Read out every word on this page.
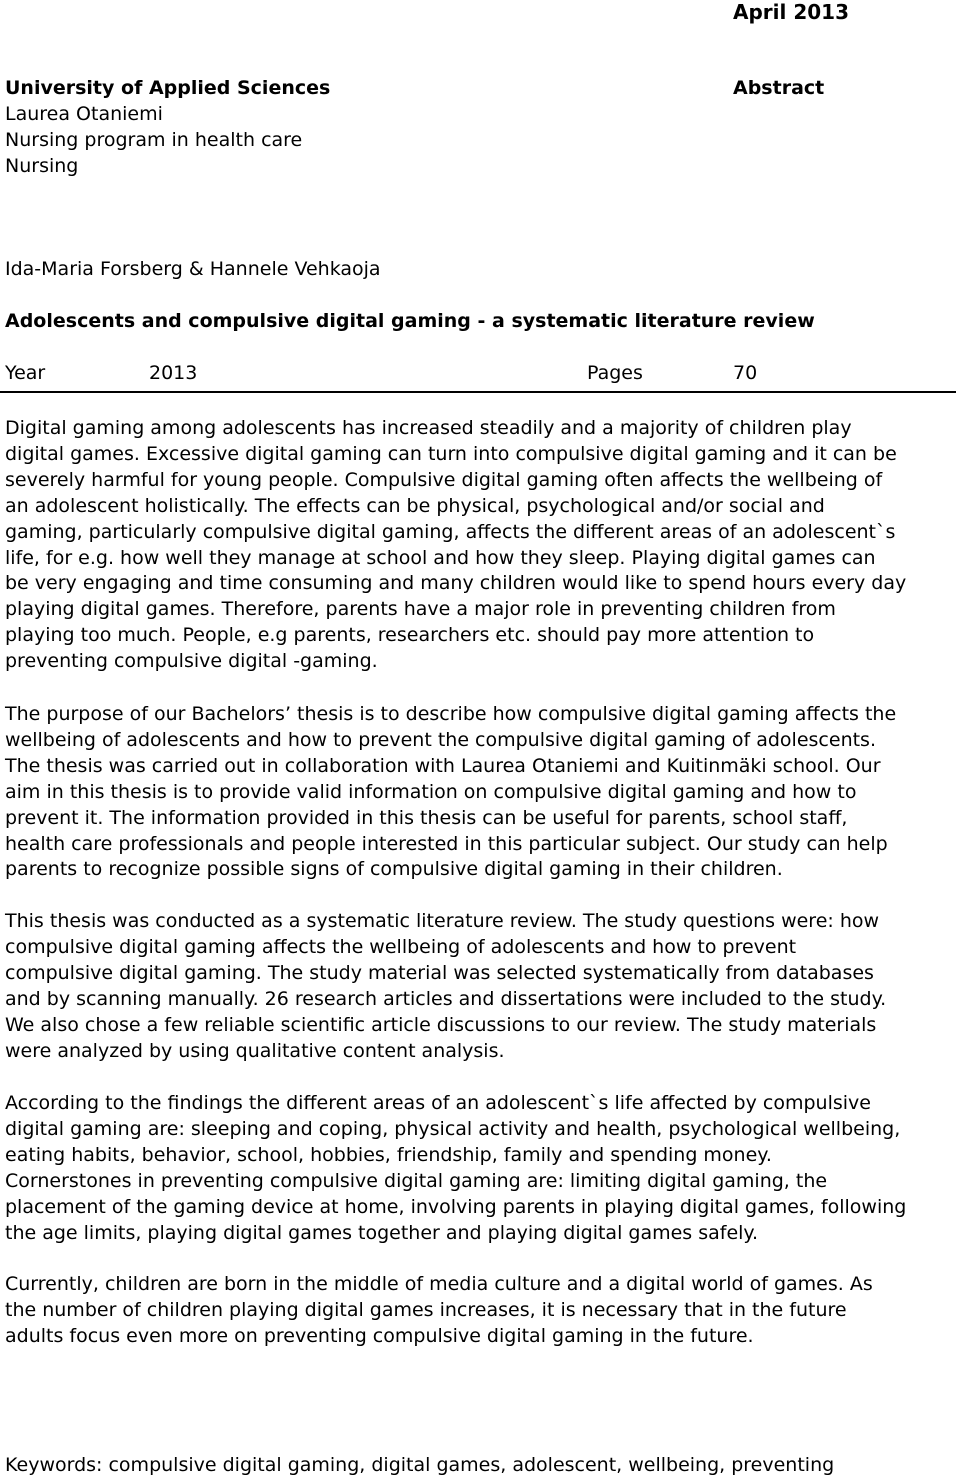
April 2013
University of Applied Sciences
Laurea Otaniemi
Nursing program in health care
Nursing
Abstract
Ida-Maria Forsberg & Hannele Vehkaoja
Adolescents and compulsive digital gaming - a systematic literature review
Year	2013	Pages	70
Digital gaming among adolescents has increased steadily and a majority of children play
digital games. Excessive digital gaming can turn into compulsive digital gaming and it can be
severely harmful for young people. Compulsive digital gaming often affects the wellbeing of
an adolescent holistically. The effects can be physical, psychological and/or social and
gaming, particularly compulsive digital gaming, affects the different areas of an adolescent`s
life, for e.g. how well they manage at school and how they sleep. Playing digital games can
be very engaging and time consuming and many children would like to spend hours every day
playing digital games. Therefore, parents have a major role in preventing children from
playing too much. People, e.g parents, researchers etc. should pay more attention to
preventing compulsive digital -gaming.
The purpose of our Bachelors’ thesis is to describe how compulsive digital gaming affects the
wellbeing of adolescents and how to prevent the compulsive digital gaming of adolescents.
The thesis was carried out in collaboration with Laurea Otaniemi and Kuitinmäki school. Our
aim in this thesis is to provide valid information on compulsive digital gaming and how to
prevent it. The information provided in this thesis can be useful for parents, school staff,
health care professionals and people interested in this particular subject. Our study can help
parents to recognize possible signs of compulsive digital gaming in their children.
This thesis was conducted as a systematic literature review. The study questions were: how
compulsive digital gaming affects the wellbeing of adolescents and how to prevent
compulsive digital gaming. The study material was selected systematically from databases
and by scanning manually. 26 research articles and dissertations were included to the study.
We also chose a few reliable scientific article discussions to our review. The study materials
were analyzed by using qualitative content analysis.
According to the findings the different areas of an adolescent`s life affected by compulsive
digital gaming are: sleeping and coping, physical activity and health, psychological wellbeing,
eating habits, behavior, school, hobbies, friendship, family and spending money.
Cornerstones in preventing compulsive digital gaming are: limiting digital gaming, the
placement of the gaming device at home, involving parents in playing digital games, following
the age limits, playing digital games together and playing digital games safely.
Currently, children are born in the middle of media culture and a digital world of games. As
the number of children playing digital games increases, it is necessary that in the future
adults focus even more on preventing compulsive digital gaming in the future.
Keywords: compulsive digital gaming, digital games, adolescent, wellbeing, preventing
